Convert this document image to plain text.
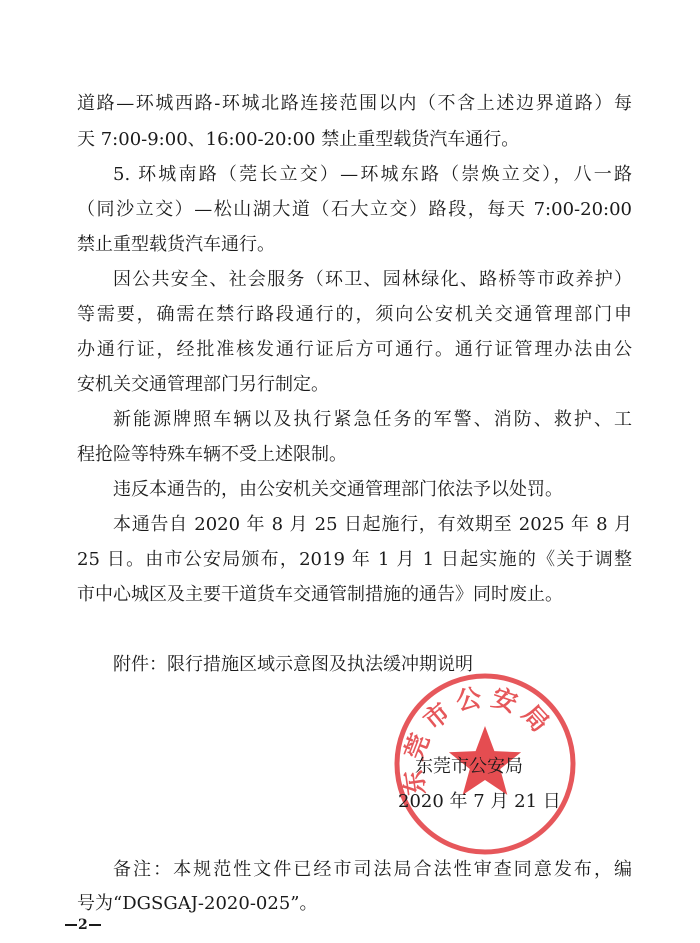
道路—环城西路-环城北路连接范围以内（不含上述边界道路）每
天 7:00-9:00、16:00-20:00 禁止重型载货汽车通行。
5. 环城南路（莞长立交）—环城东路（崇焕立交），八一路
（同沙立交）—松山湖大道（石大立交）路段，每天 7:00-20:00
禁止重型载货汽车通行。
因公共安全、社会服务（环卫、园林绿化、路桥等市政养护）
等需要，确需在禁行路段通行的，须向公安机关交通管理部门申
办通行证，经批准核发通行证后方可通行。通行证管理办法由公
安机关交通管理部门另行制定。
新能源牌照车辆以及执行紧急任务的军警、消防、救护、工
程抢险等特殊车辆不受上述限制。
违反本通告的，由公安机关交通管理部门依法予以处罚。
本通告自 2020 年 8 月 25 日起施行，有效期至 2025 年 8 月
25 日。由市公安局颁布，2019 年 1 月 1 日起实施的《关于调整
市中心城区及主要干道货车交通管制措施的通告》同时废止。
附件：限行措施区域示意图及执法缓冲期说明
东莞市公安局
东莞市公安局
2020 年 7 月 21 日
备注：本规范性文件已经市司法局合法性审查同意发布，编
号为“DGSGAJ-2020-025”。
2
